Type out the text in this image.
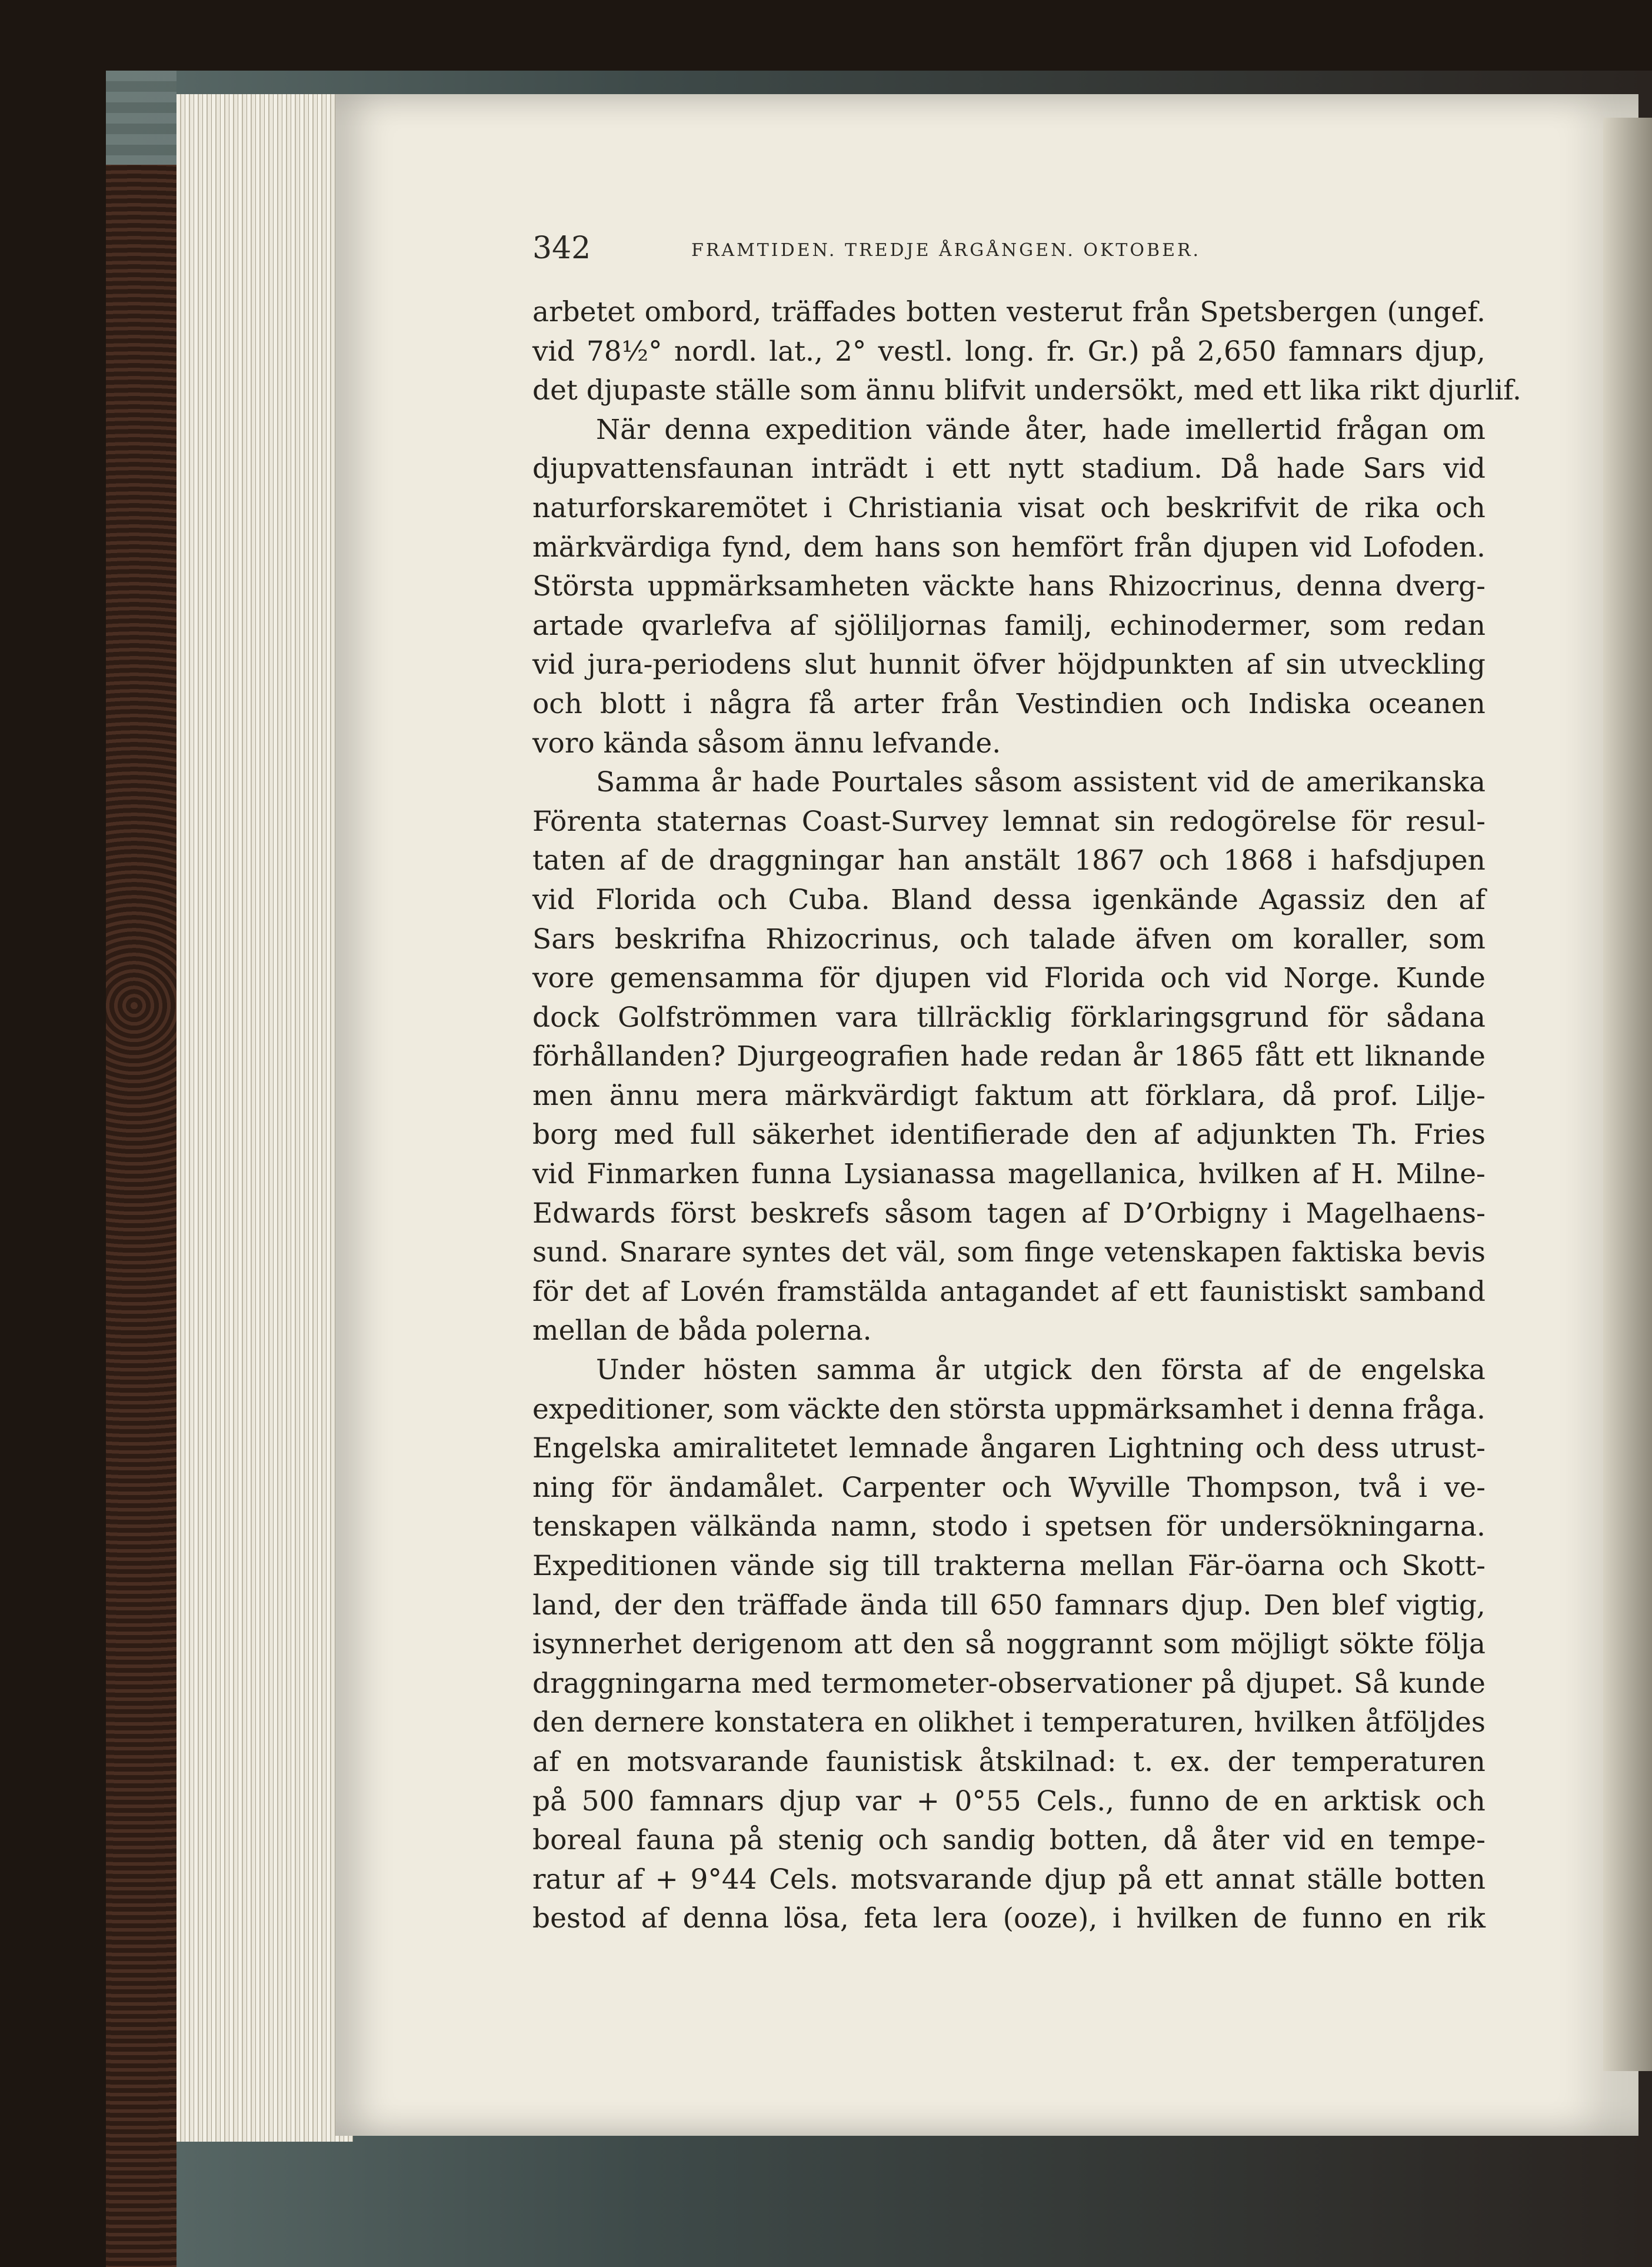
342	FRAMTIDEN. TREDJE ÅRGÅNGEN. OKTOBER.
arbetet ombord, träffades botten vesterut från Spetsbergen (ungef.
vid 78½° nordl. lat., 2° vestl. long. fr. Gr.) på 2,650 famnars djup,
det djupaste ställe som ännu blifvit undersökt, med ett lika rikt djurlif.
När denna expedition vände åter, hade imellertid frågan om
djupvattensfaunan inträdt i ett nytt stadium. Då hade Sars vid
naturforskaremötet i Christiania visat och beskrifvit de rika och
märkvärdiga fynd, dem hans son hemfört från djupen vid Lofoden.
Största uppmärksamheten väckte hans Rhizocrinus, denna dverg-
artade qvarlefva af sjöliljornas familj, echinodermer, som redan
vid jura-periodens slut hunnit öfver höjdpunkten af sin utveckling
och blott i några få arter från Vestindien och Indiska oceanen
voro kända såsom ännu lefvande.
Samma år hade Pourtales såsom assistent vid de amerikanska
Förenta staternas Coast-Survey lemnat sin redogörelse för resul-
taten af de draggningar han anstält 1867 och 1868 i hafsdjupen
vid Florida och Cuba. Bland dessa igenkände Agassiz den af
Sars beskrifna Rhizocrinus, och talade äfven om koraller, som
vore gemensamma för djupen vid Florida och vid Norge. Kunde
dock Golfströmmen vara tillräcklig förklaringsgrund för sådana
förhållanden? Djurgeografien hade redan år 1865 fått ett liknande
men ännu mera märkvärdigt faktum att förklara, då prof. Lilje-
borg med full säkerhet identifierade den af adjunkten Th. Fries
vid Finmarken funna Lysianassa magellanica, hvilken af H. Milne-
Edwards först beskrefs såsom tagen af D’Orbigny i Magelhaens-
sund. Snarare syntes det väl, som finge vetenskapen faktiska bevis
för det af Lovén framstälda antagandet af ett faunistiskt samband
mellan de båda polerna.
Under hösten samma år utgick den första af de engelska
expeditioner, som väckte den största uppmärksamhet i denna fråga.
Engelska amiralitetet lemnade ångaren Lightning och dess utrust-
ning för ändamålet. Carpenter och Wyville Thompson, två i ve-
tenskapen välkända namn, stodo i spetsen för undersökningarna.
Expeditionen vände sig till trakterna mellan Fär-öarna och Skott-
land, der den träffade ända till 650 famnars djup. Den blef vigtig,
isynnerhet derigenom att den så noggrannt som möjligt sökte följa
draggningarna med termometer-observationer på djupet. Så kunde
den dernere konstatera en olikhet i temperaturen, hvilken åtföljdes
af en motsvarande faunistisk åtskilnad: t. ex. der temperaturen
på 500 famnars djup var + 0°55 Cels., funno de en arktisk och
boreal fauna på stenig och sandig botten, då åter vid en tempe-
ratur af + 9°44 Cels. motsvarande djup på ett annat ställe botten
bestod af denna lösa, feta lera (ooze), i hvilken de funno en rik
